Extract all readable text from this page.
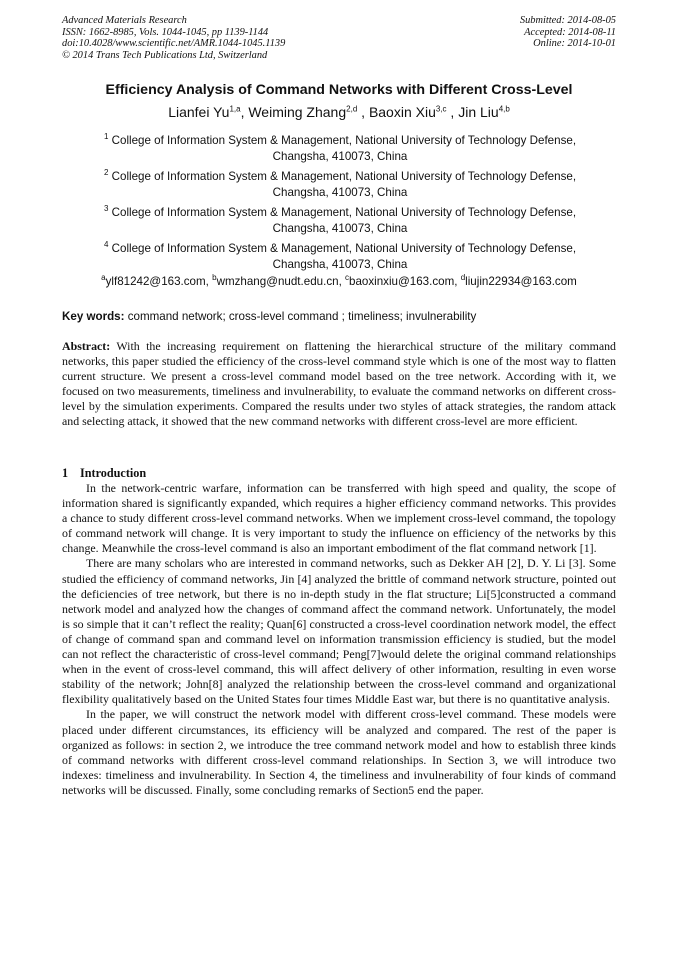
Advanced Materials Research
ISSN: 1662-8985, Vols. 1044-1045, pp 1139-1144
doi:10.4028/www.scientific.net/AMR.1044-1045.1139
© 2014 Trans Tech Publications Ltd, Switzerland
Submitted: 2014-08-05
Accepted: 2014-08-11
Online: 2014-10-01
Efficiency Analysis of Command Networks with Different Cross-Level
Lianfei Yu$^{1,a}$, Weiming Zhang$^{2,d}$ , Baoxin Xiu$^{3,c}$ , Jin Liu$^{4,b}$
$^1$ College of Information System & Management, National University of Technology Defense,
Changsha, 410073, China
$^2$ College of Information System & Management, National University of Technology Defense,
Changsha, 410073, China
$^3$ College of Information System & Management, National University of Technology Defense,
Changsha, 410073, China
$^4$ College of Information System & Management, National University of Technology Defense,
Changsha, 410073, China
$^a$ylf81242@163.com, $^b$wmzhang@nudt.edu.cn, $^c$baoxinxiu@163.com, $^d$liujin22934@163.com
Key words: command network; cross-level command ; timeliness; invulnerability

Abstract: With the increasing requirement on flattening the hierarchical structure of the military command networks, this paper studied the efficiency of the cross-level command style which is one of the most way to flatten current structure. We present a cross-level command model based on the tree network. According with it, we focused on two measurements, timeliness and invulnerability, to evaluate the command networks on different cross-level by the simulation experiments. Compared the results under two styles of attack strategies, the random attack and selecting attack, it showed that the new command networks with different cross-level are more efficient.

1 Introduction

In the network-centric warfare, information can be transferred with high speed and quality, the scope of information shared is significantly expanded, which requires a higher efficiency command networks. This provides a chance to study different cross-level command networks. When we implement cross-level command, the topology of command network will change. It is very important to study the influence on efficiency of the networks by this change. Meanwhile the cross-level command is also an important embodiment of the flat command network [1].

There are many scholars who are interested in command networks, such as Dekker AH [2], D. Y. Li [3]. Some studied the efficiency of command networks, Jin [4] analyzed the brittle of command network structure, pointed out the deficiencies of tree network, but there is no in-depth study in the flat structure; Li[5]constructed a command network model and analyzed how the changes of command affect the command network. Unfortunately, the model is so simple that it can’t reflect the reality; Quan[6] constructed a cross-level coordination network model, the effect of change of command span and command level on information transmission efficiency is studied, but the model can not reflect the characteristic of cross-level command; Peng[7]would delete the original command relationships when in the event of cross-level command, this will affect delivery of other information, resulting in even worse stability of the network; John[8] analyzed the relationship between the cross-level command and organizational flexibility qualitatively based on the United States four times Middle East war, but there is no quantitative analysis.

In the paper, we will construct the network model with different cross-level command. These models were placed under different circumstances, its efficiency will be analyzed and compared. The rest of the paper is organized as follows: in section 2, we introduce the tree command network model and how to establish three kinds of command networks with different cross-level command relationships. In Section 3, we will introduce two indexes: timeliness and invulnerability. In Section 4, the timeliness and invulnerability of four kinds of command networks will be discussed. Finally, some concluding remarks of Section5 end the paper.
